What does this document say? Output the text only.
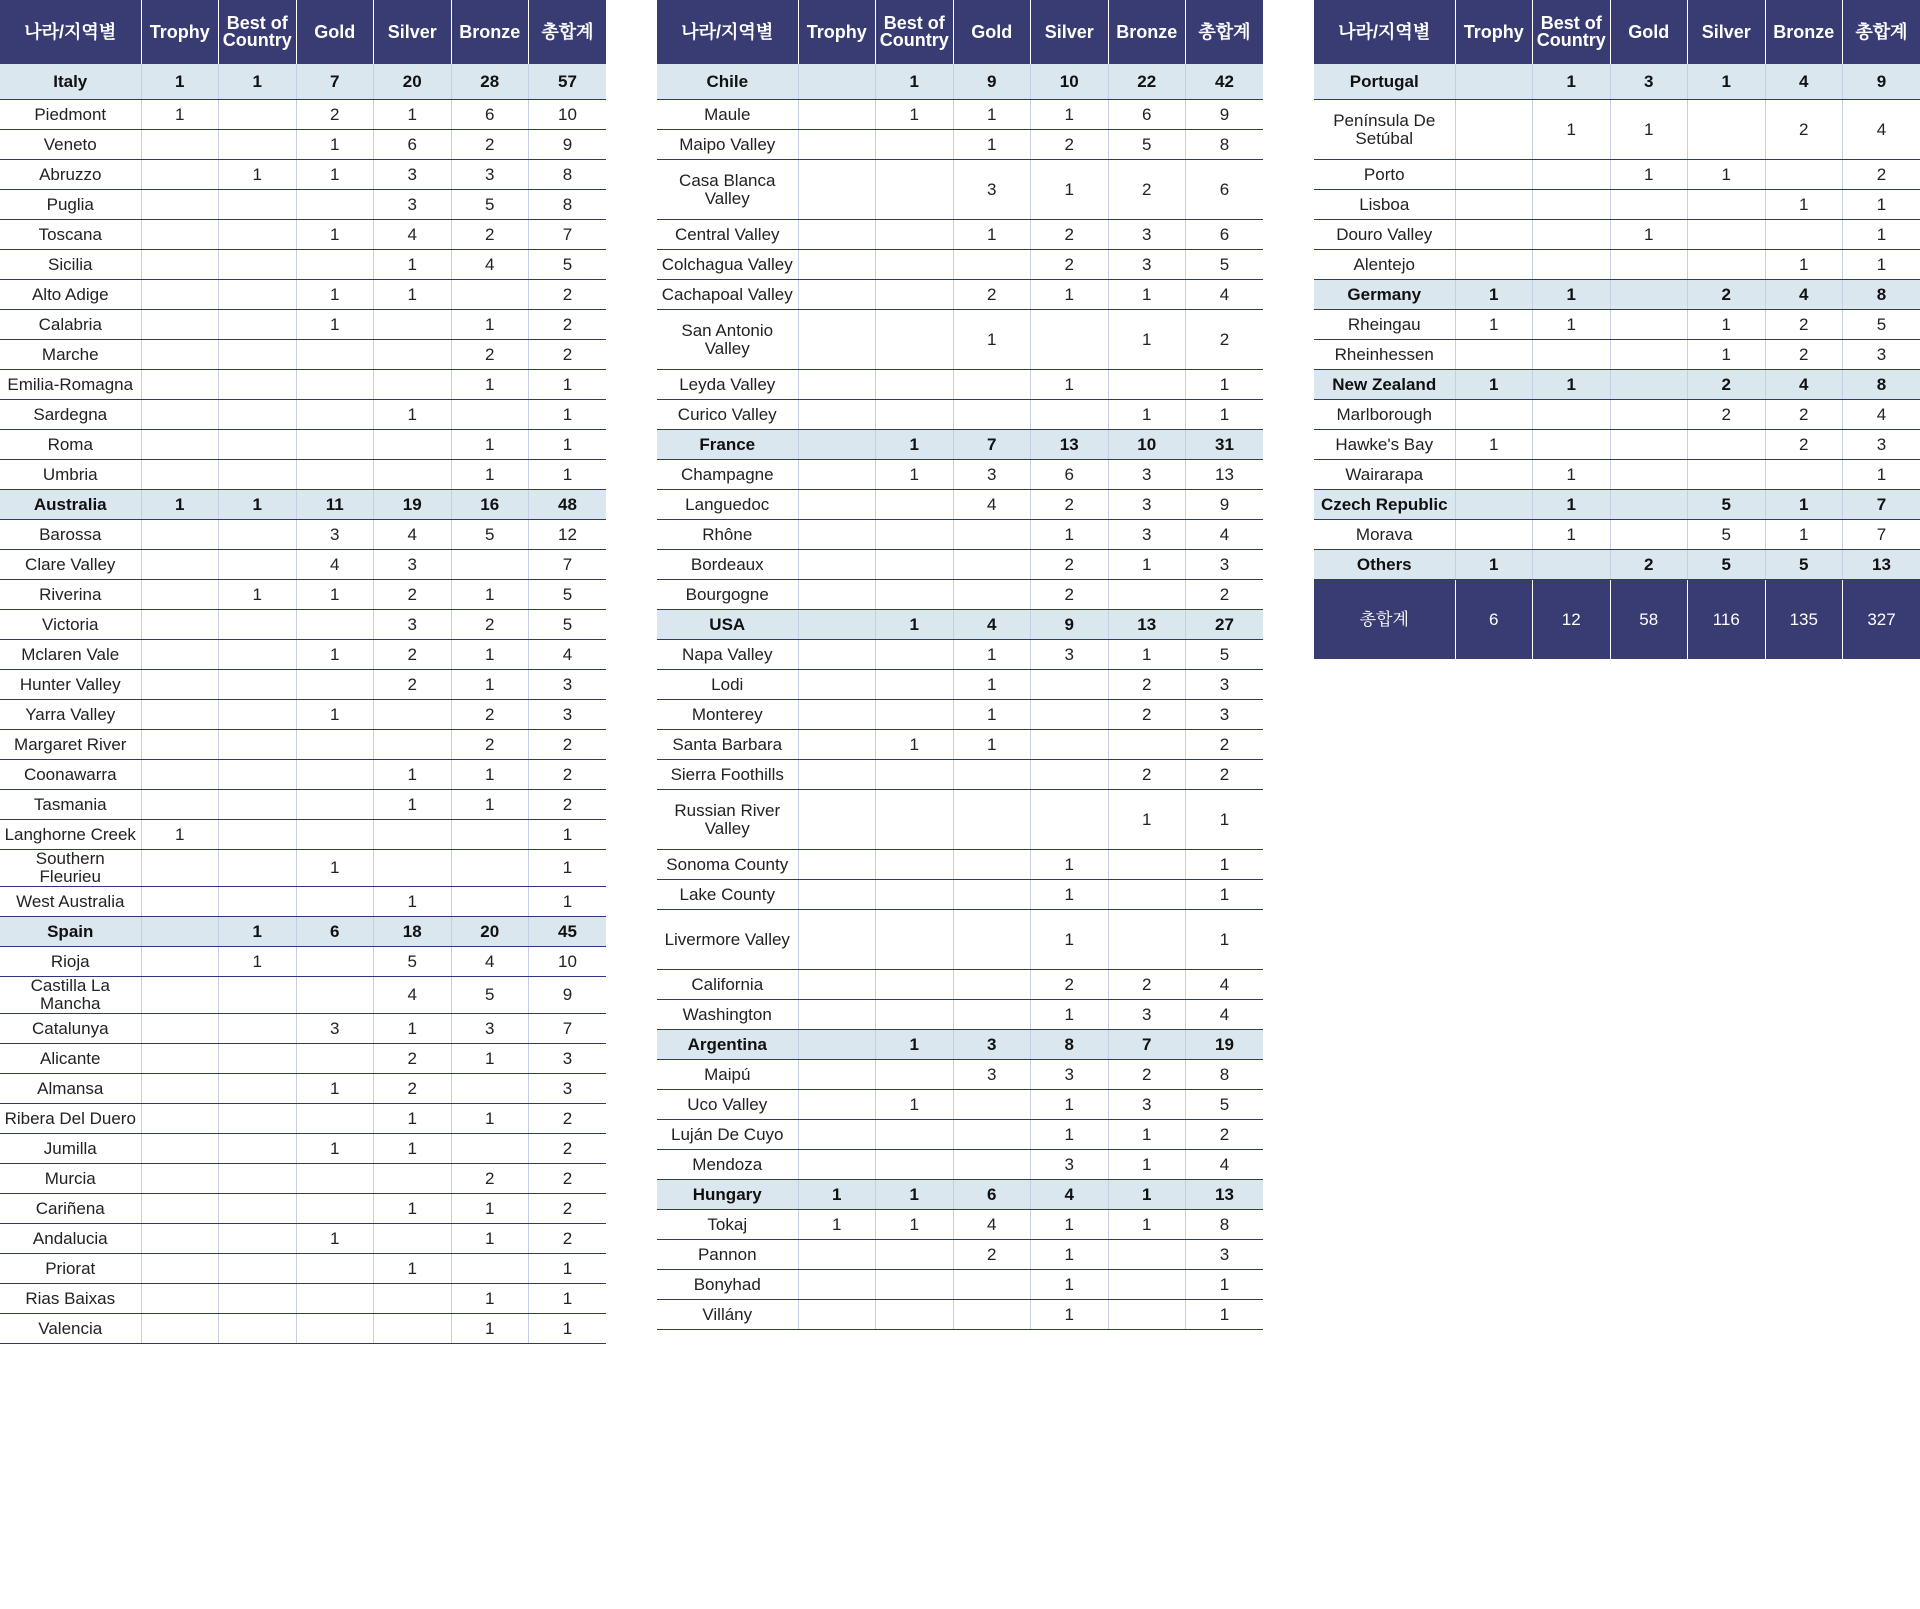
나라/지역별	Trophy	Best of Country	Gold	Silver	Bronze	총합계
Italy	1	1	7	20	28	57
Piedmont	1		2	1	6	10
Veneto			1	6	2	9
Abruzzo		1	1	3	3	8
Puglia				3	5	8
Toscana			1	4	2	7
Sicilia				1	4	5
Alto Adige			1	1		2
Calabria			1		1	2
Marche					2	2
Emilia-Romagna					1	1
Sardegna				1		1
Roma					1	1
Umbria					1	1
Australia	1	1	11	19	16	48
Barossa			3	4	5	12
Clare Valley			4	3		7
Riverina		1	1	2	1	5
Victoria				3	2	5
Mclaren Vale			1	2	1	4
Hunter Valley				2	1	3
Yarra Valley			1		2	3
Margaret River					2	2
Coonawarra				1	1	2
Tasmania				1	1	2
Langhorne Creek	1					1
Southern Fleurieu			1			1
West Australia				1		1
Spain		1	6	18	20	45
Rioja		1		5	4	10
Castilla La Mancha				4	5	9
Catalunya			3	1	3	7
Alicante				2	1	3
Almansa			1	2		3
Ribera Del Duero				1	1	2
Jumilla			1	1		2
Murcia					2	2
Cariñena				1	1	2
Andalucia			1		1	2
Priorat				1		1
Rias Baixas					1	1
Valencia					1	1
나라/지역별	Trophy	Best of Country	Gold	Silver	Bronze	총합계
Chile		1	9	10	22	42
Maule		1	1	1	6	9
Maipo Valley			1	2	5	8
Casa Blanca Valley			3	1	2	6
Central Valley			1	2	3	6
Colchagua Valley				2	3	5
Cachapoal Valley			2	1	1	4
San Antonio Valley			1		1	2
Leyda Valley				1		1
Curico Valley					1	1
France		1	7	13	10	31
Champagne		1	3	6	3	13
Languedoc			4	2	3	9
Rhône				1	3	4
Bordeaux				2	1	3
Bourgogne				2		2
USA		1	4	9	13	27
Napa Valley			1	3	1	5
Lodi			1		2	3
Monterey			1		2	3
Santa Barbara		1	1			2
Sierra Foothills					2	2
Russian River Valley					1	1
Sonoma County				1		1
Lake County				1		1
Livermore Valley				1		1
California				2	2	4
Washington				1	3	4
Argentina		1	3	8	7	19
Maipú			3	3	2	8
Uco Valley		1		1	3	5
Luján De Cuyo				1	1	2
Mendoza				3	1	4
Hungary	1	1	6	4	1	13
Tokaj	1	1	4	1	1	8
Pannon			2	1		3
Bonyhad				1		1
Villány				1		1
나라/지역별	Trophy	Best of Country	Gold	Silver	Bronze	총합계
Portugal		1	3	1	4	9
Península De Setúbal		1	1		2	4
Porto			1	1		2
Lisboa					1	1
Douro Valley			1			1
Alentejo					1	1
Germany	1	1		2	4	8
Rheingau	1	1		1	2	5
Rheinhessen				1	2	3
New Zealand	1	1		2	4	8
Marlborough				2	2	4
Hawke's Bay	1				2	3
Wairarapa		1				1
Czech Republic		1		5	1	7
Morava		1		5	1	7
Others	1		2	5	5	13
총합계	6	12	58	116	135	327
